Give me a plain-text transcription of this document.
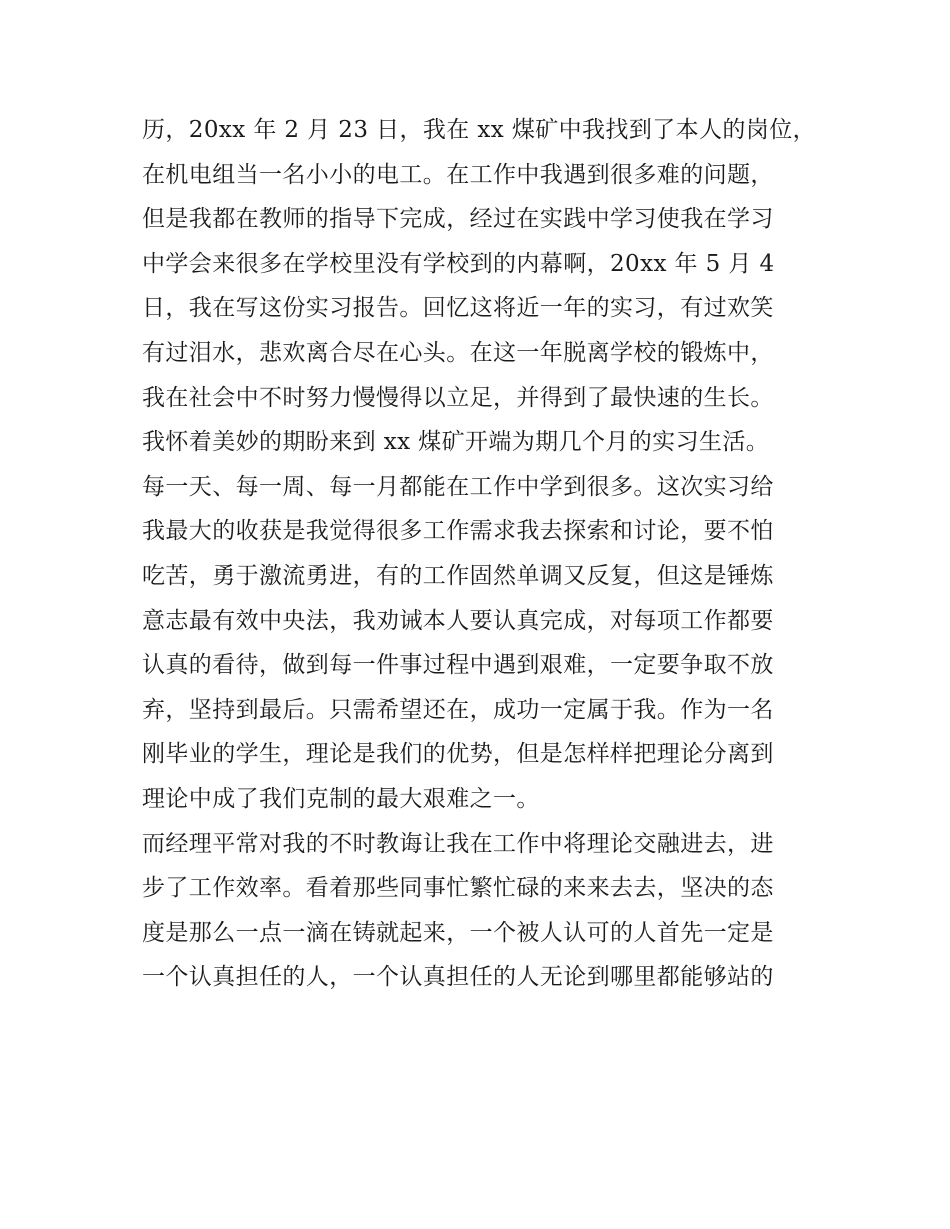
历，20xx 年 2 月 23 日，我在 xx 煤矿中我找到了本人的岗位，
在机电组当一名小小的电工。在工作中我遇到很多难的问题，
但是我都在教师的指导下完成，经过在实践中学习使我在学习
中学会来很多在学校里没有学校到的内幕啊，20xx 年 5 月 4
日，我在写这份实习报告。回忆这将近一年的实习，有过欢笑
有过泪水，悲欢离合尽在心头。在这一年脱离学校的锻炼中，
我在社会中不时努力慢慢得以立足，并得到了最快速的生长。
我怀着美妙的期盼来到 xx 煤矿开端为期几个月的实习生活。
每一天、每一周、每一月都能在工作中学到很多。这次实习给
我最大的收获是我觉得很多工作需求我去探索和讨论，要不怕
吃苦，勇于激流勇进，有的工作固然单调又反复，但这是锤炼
意志最有效中央法，我劝诫本人要认真完成，对每项工作都要
认真的看待，做到每一件事过程中遇到艰难，一定要争取不放
弃，坚持到最后。只需希望还在，成功一定属于我。作为一名
刚毕业的学生，理论是我们的优势，但是怎样样把理论分离到
理论中成了我们克制的最大艰难之一。
而经理平常对我的不时教诲让我在工作中将理论交融进去，进
步了工作效率。看着那些同事忙繁忙碌的来来去去，坚决的态
度是那么一点一滴在铸就起来，一个被人认可的人首先一定是
一个认真担任的人，一个认真担任的人无论到哪里都能够站的
